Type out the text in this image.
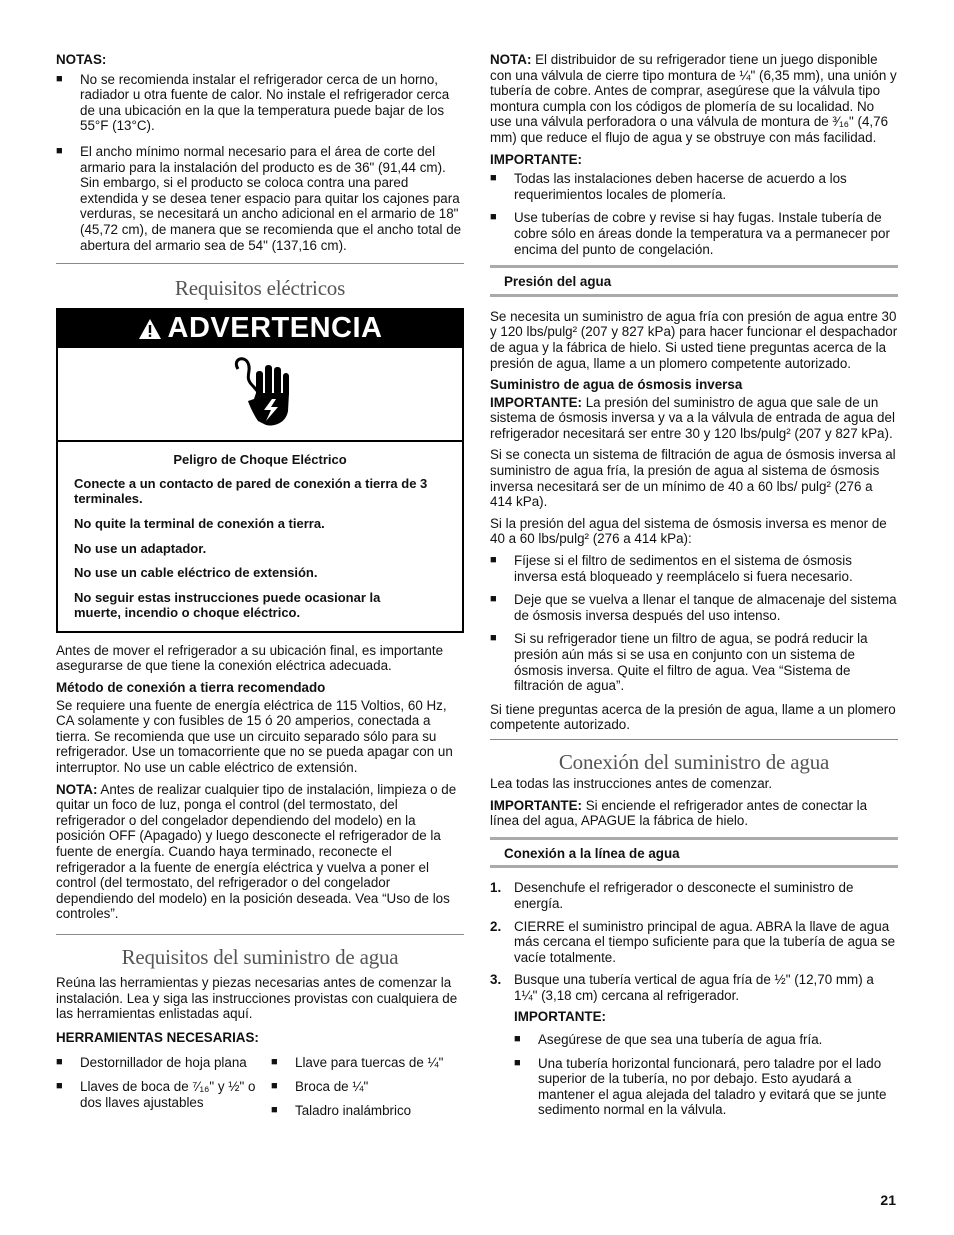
NOTAS:

■ No se recomienda instalar el refrigerador cerca de un horno, radiador u otra fuente de calor. No instale el refrigerador cerca de una ubicación en la que la temperatura puede bajar de los 55°F (13°C).
■ El ancho mínimo normal necesario para el área de corte del armario para la instalación del producto es de 36" (91,44 cm). Sin embargo, si el producto se coloca contra una pared extendida y se desea tener espacio para quitar los cajones para verduras, se necesitará un ancho adicional en el armario de 18" (45,72 cm), de manera que se recomienda que el ancho total de abertura del armario sea de 54" (137,16 cm).
Requisitos eléctricos
ADVERTENCIA

Peligro de Choque Eléctrico

Conecte a un contacto de pared de conexión a tierra de 3 terminales.

No quite la terminal de conexión a tierra.

No use un adaptador.

No use un cable eléctrico de extensión.

No seguir estas instrucciones puede ocasionar la muerte, incendio o choque eléctrico.

Antes de mover el refrigerador a su ubicación final, es importante asegurarse de que tiene la conexión eléctrica adecuada.

Método de conexión a tierra recomendado

Se requiere una fuente de energía eléctrica de 115 Voltios, 60 Hz, CA solamente y con fusibles de 15 ó 20 amperios, conectada a tierra. Se recomienda que use un circuito separado sólo para su refrigerador. Use un tomacorriente que no se pueda apagar con un interruptor. No use un cable eléctrico de extensión.

NOTA: Antes de realizar cualquier tipo de instalación, limpieza o de quitar un foco de luz, ponga el control (del termostato, del refrigerador o del congelador dependiendo del modelo) en la posición OFF (Apagado) y luego desconecte el refrigerador de la fuente de energía. Cuando haya terminado, reconecte el refrigerador a la fuente de energía eléctrica y vuelva a poner el control (del termostato, del refrigerador o del congelador dependiendo del modelo) en la posición deseada. Vea “Uso de los controles”.

Requisitos del suministro de agua

Reúna las herramientas y piezas necesarias antes de comenzar la instalación. Lea y siga las instrucciones provistas con cualquiera de las herramientas enlistadas aquí.

HERRAMIENTAS NECESARIAS:

■ Destornillador de hoja plana
■ Llaves de boca de ⁷⁄₁₆" y ½" o dos llaves ajustables
■ Llave para tuercas de ¼"
■ Broca de ¼"
■ Taladro inalámbrico

NOTA: El distribuidor de su refrigerador tiene un juego disponible con una válvula de cierre tipo montura de ¼" (6,35 mm), una unión y tubería de cobre. Antes de comprar, asegúrese que la válvula tipo montura cumpla con los códigos de plomería de su localidad. No use una válvula perforadora o una válvula de montura de ³⁄₁₆" (4,76 mm) que reduce el flujo de agua y se obstruye con más facilidad.

IMPORTANTE:

■ Todas las instalaciones deben hacerse de acuerdo a los requerimientos locales de plomería.
■ Use tuberías de cobre y revise si hay fugas. Instale tubería de cobre sólo en áreas donde la temperatura va a permanecer por encima del punto de congelación.
Presión del agua

Se necesita un suministro de agua fría con presión de agua entre 30 y 120 lbs/pulg² (207 y 827 kPa) para hacer funcionar el despachador de agua y la fábrica de hielo. Si usted tiene preguntas acerca de la presión de agua, llame a un plomero competente autorizado.

Suministro de agua de ósmosis inversa

IMPORTANTE: La presión del suministro de agua que sale de un sistema de ósmosis inversa y va a la válvula de entrada de agua del refrigerador necesitará ser entre 30 y 120 lbs/pulg² (207 y 827 kPa).

Si se conecta un sistema de filtración de agua de ósmosis inversa al suministro de agua fría, la presión de agua al sistema de ósmosis inversa necesitará ser de un mínimo de 40 a 60 lbs/ pulg² (276 a 414 kPa).

Si la presión del agua del sistema de ósmosis inversa es menor de 40 a 60 lbs/pulg² (276 a 414 kPa):

■ Fíjese si el filtro de sedimentos en el sistema de ósmosis inversa está bloqueado y reemplácelo si fuera necesario.
■ Deje que se vuelva a llenar el tanque de almacenaje del sistema de ósmosis inversa después del uso intenso.
■ Si su refrigerador tiene un filtro de agua, se podrá reducir la presión aún más si se usa en conjunto con un sistema de ósmosis inversa. Quite el filtro de agua. Vea “Sistema de filtración de agua”.

Si tiene preguntas acerca de la presión de agua, llame a un plomero competente autorizado.

Conexión del suministro de agua

Lea todas las instrucciones antes de comenzar.

IMPORTANTE: Si enciende el refrigerador antes de conectar la línea del agua, APAGUE la fábrica de hielo.

Conexión a la línea de agua
1. Desenchufe el refrigerador o desconecte el suministro de energía.
2. CIERRE el suministro principal de agua. ABRA la llave de agua más cercana el tiempo suficiente para que la tubería de agua se vacíe totalmente.
3. Busque una tubería vertical de agua fría de ½" (12,70 mm) a 1¼" (3,18 cm) cercana al refrigerador.

IMPORTANTE:

■ Asegúrese de que sea una tubería de agua fría.
■ Una tubería horizontal funcionará, pero taladre por el lado superior de la tubería, no por debajo. Esto ayudará a mantener el agua alejada del taladro y evitará que se junte sedimento normal en la válvula.
21
